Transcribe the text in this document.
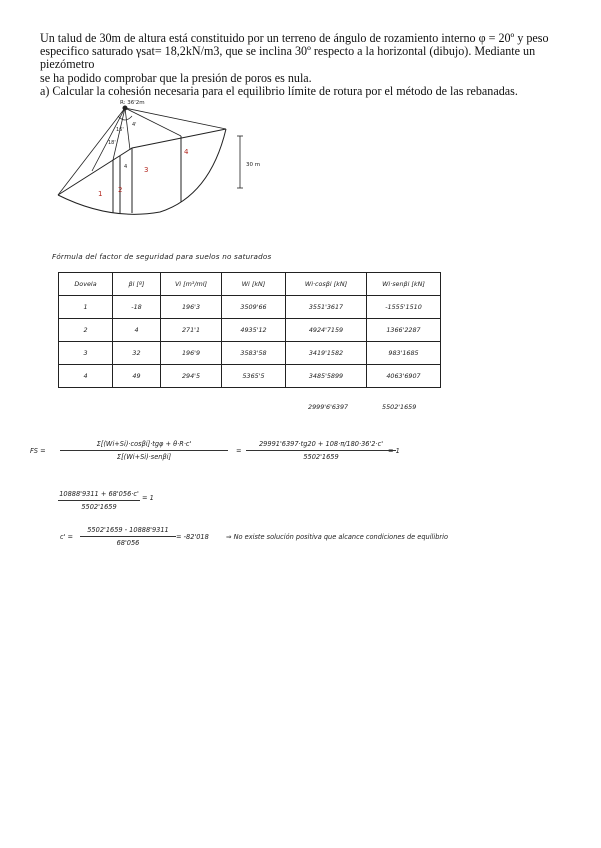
Un talud de 30m de altura está constituido por un terreno de ángulo de rozamiento interno φ = 20º y peso

especifico saturado γsat= 18,2kN/m3, que se inclina 30º respecto a la horizontal (dibujo). Mediante un piezómetro

se ha podido comprobar que la presión de poros es nula.

a) Calcular la cohesión necesaria para el equilibrio límite de rotura por el método de las rebanadas.

R: 36'2m
18'
16'
4
4'
1 2
3
4
30 m
Fórmula del factor de seguridad para suelos no saturados
Dovela	βi [º]	Vi [m³/ml]	Wi [kN]	Wi·cosβi [kN]	Wi·senβi [kN]
1	-18	196'3	3509'66	3551'3617	-1555'1510
2	4	271'1	4935'12	4924'7159	1366'2287
3	32	196'9	3583'58	3419'1582	983'1685
4	49	294'5	5365'5	3485'5899	4063'6907
2999'6'6397	5502'1659
FS =
Σ[(Wi+Si)·cosβi]·tgφ + θ·R·c'
Σ[(Wi+Si)·senβi]
=
29991'6397·tg20 + 108·π/180·36'2·c'
5502'1659
= 1
10888'9311 + 68'056·c'
5502'1659
= 1
c' =
5502'1659 - 10888'9311
68'056
= -82'018	⇒ No existe solución positiva que alcance condiciones de equilibrio
